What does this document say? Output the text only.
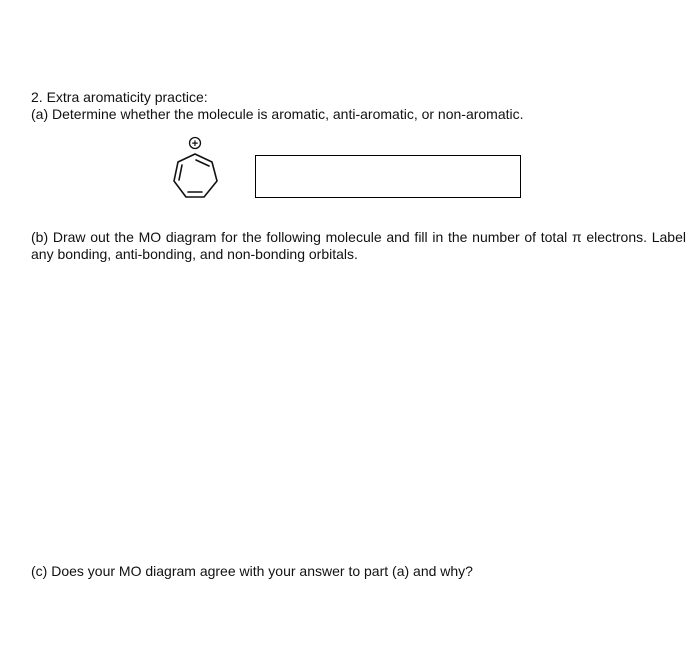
2. Extra aromaticity practice:
(a) Determine whether the molecule is aromatic, anti-aromatic, or non-aromatic.
+
(b) Draw out the MO diagram for the following molecule and fill in the number of total π electrons. Label any bonding, anti-bonding, and non-bonding orbitals.
(c) Does your MO diagram agree with your answer to part (a) and why?
